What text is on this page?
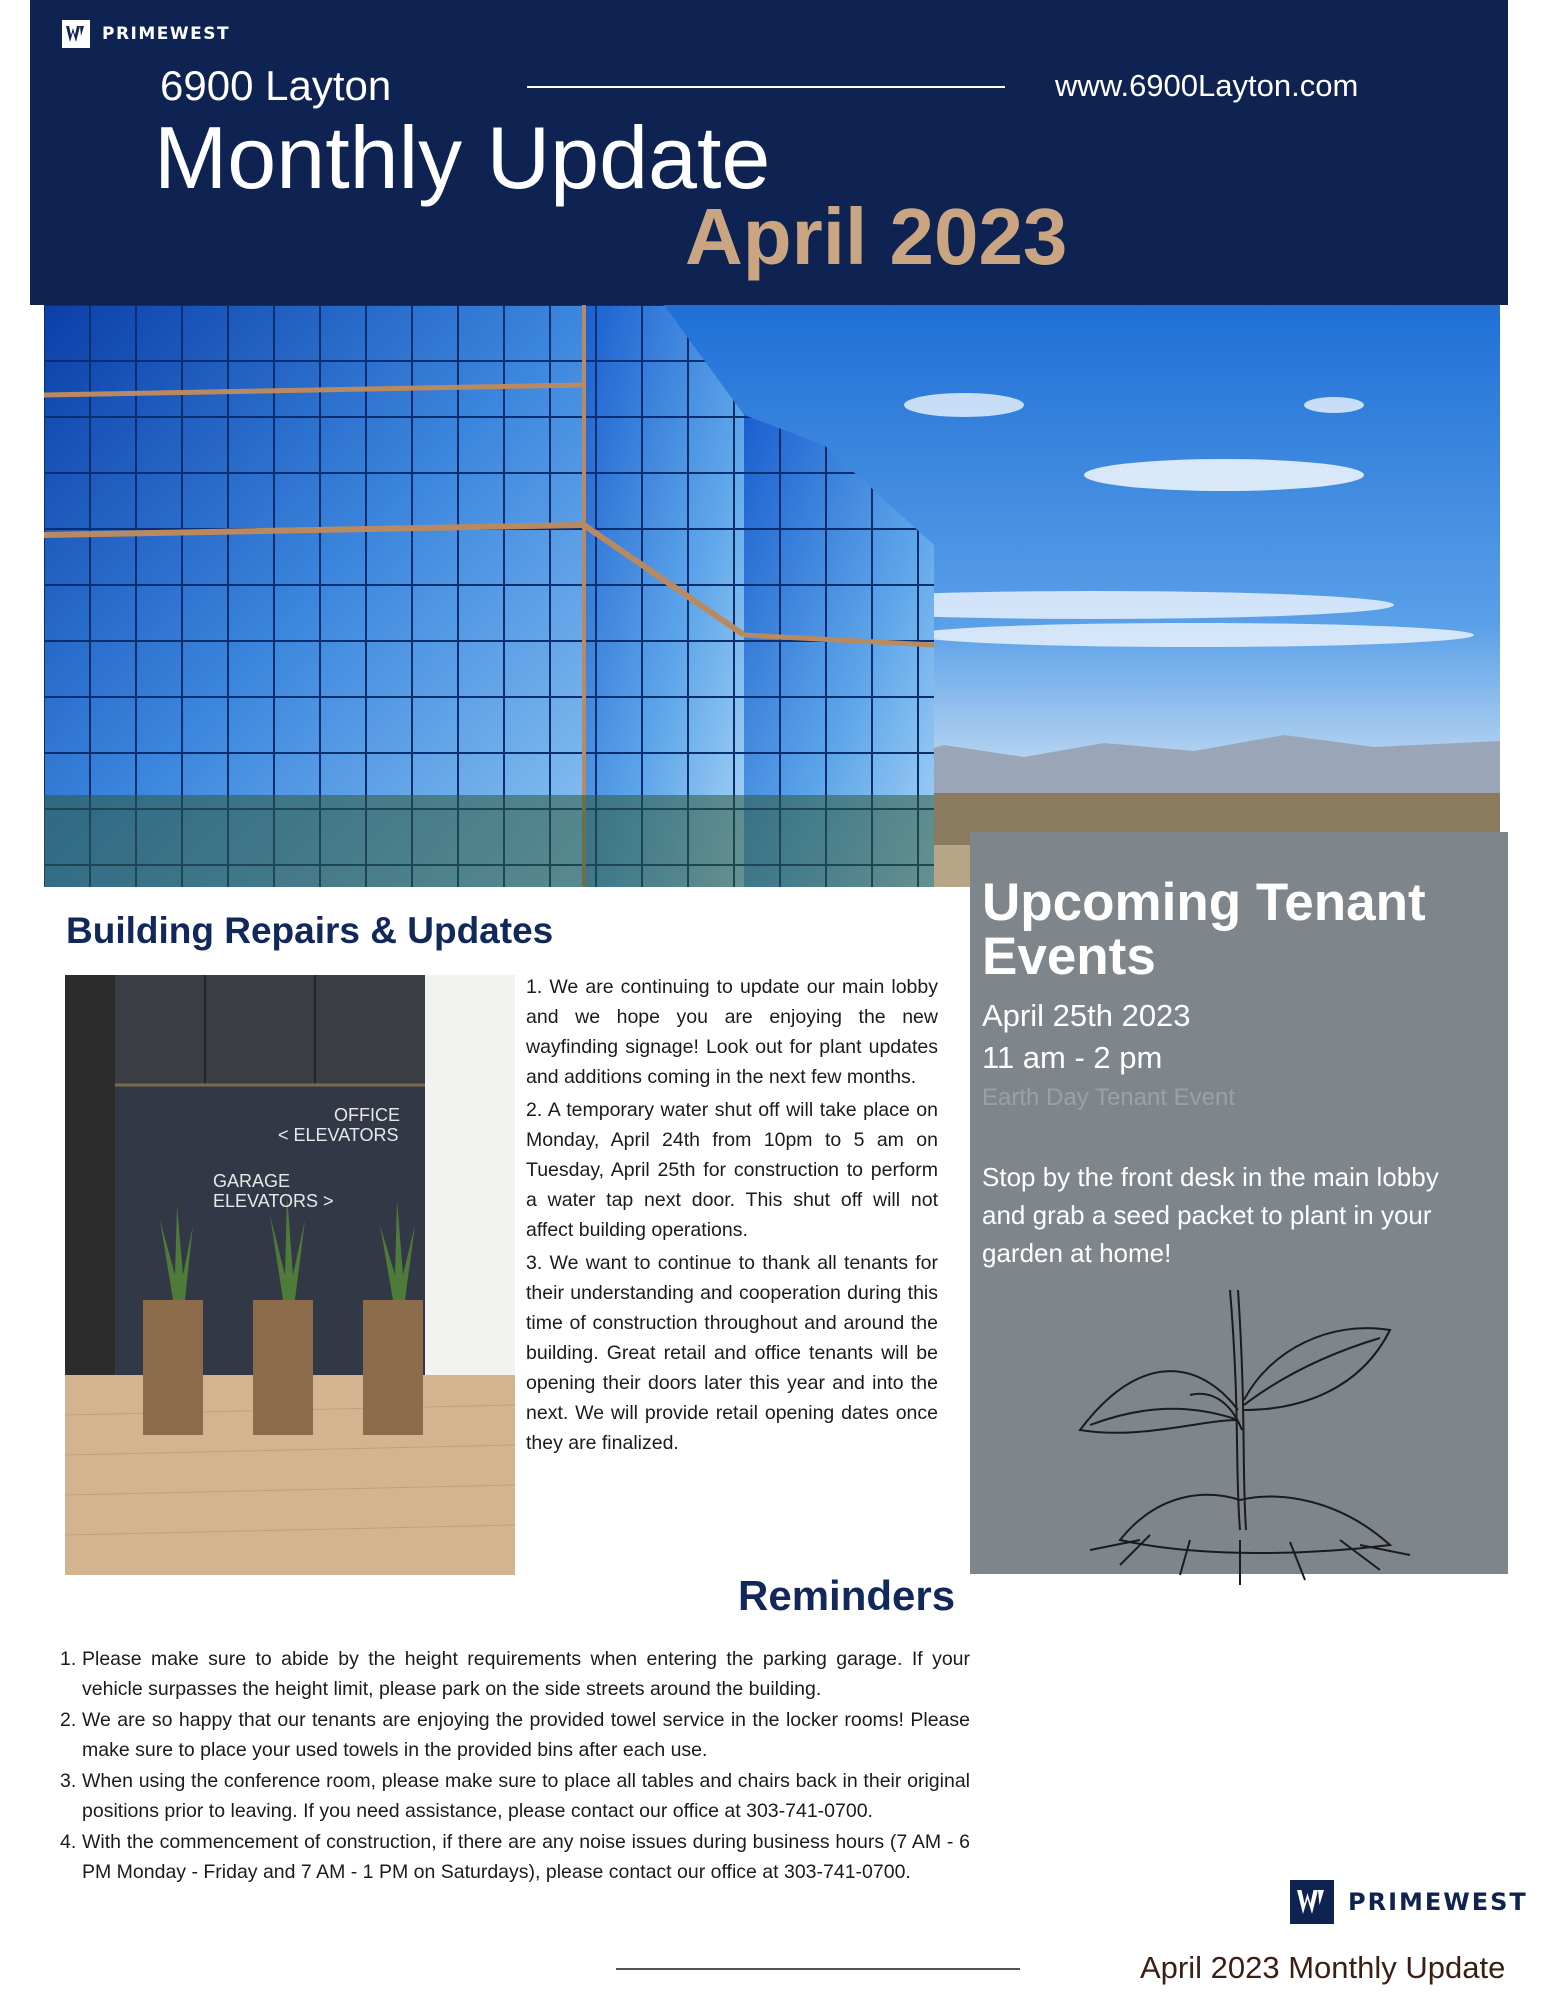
PRIMEWEST
6900 Layton	www.6900Layton.com
Monthly Update
April 2023
Upcoming Tenant Events
April 25th 2023
11 am - 2 pm
Earth Day Tenant Event
Stop by the front desk in the main lobby and grab a seed packet to plant in your garden at home!
Building Repairs & Updates
OFFICE
< ELEVATORS
GARAGE
ELEVATORS >

1. We are continuing to update our main lobby and we hope you are enjoying the new wayfinding signage! Look out for plant updates and additions coming in the next few months.

2. A temporary water shut off will take place on Monday, April 24th from 10pm to 5 am on Tuesday, April 25th for construction to perform a water tap next door. This shut off will not affect building operations.

3. We want to continue to thank all tenants for their understanding and cooperation during this time of construction throughout and around the building. Great retail and office tenants will be opening their doors later this year and into the next. We will provide retail opening dates once they are finalized.

Reminders
1. Please make sure to abide by the height requirements when entering the parking garage. If your vehicle surpasses the height limit, please park on the side streets around the building.
2. We are so happy that our tenants are enjoying the provided towel service in the locker rooms! Please make sure to place your used towels in the provided bins after each use.
3. When using the conference room, please make sure to place all tables and chairs back in their original positions prior to leaving. If you need assistance, please contact our office at 303-741-0700.
4. With the commencement of construction, if there are any noise issues during business hours (7 AM - 6 PM Monday - Friday and 7 AM - 1 PM on Saturdays), please contact our office at 303-741-0700.
PRIMEWEST
April 2023 Monthly Update
